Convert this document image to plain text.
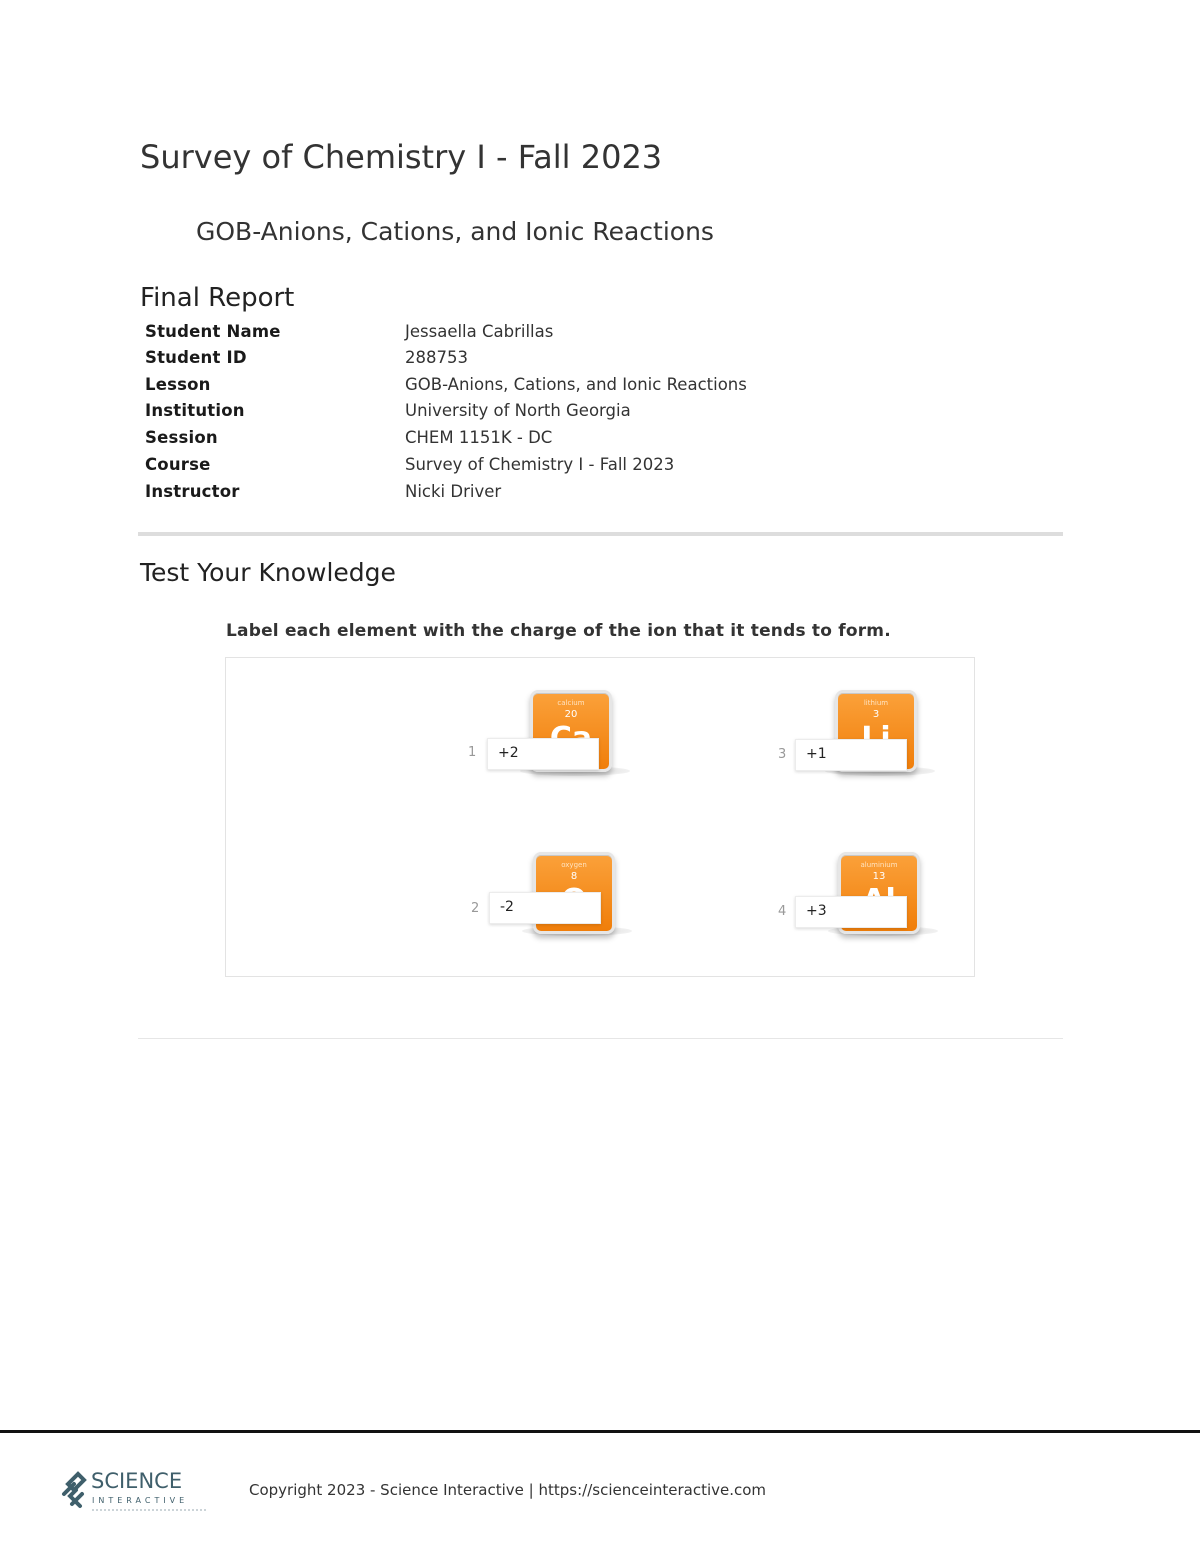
Survey of Chemistry I - Fall 2023
GOB-Anions, Cations, and Ionic Reactions
Final Report
Student Name	Jessaella Cabrillas
Student ID	288753
Lesson	GOB-Anions, Cations, and Ionic Reactions
Institution	University of North Georgia
Session	CHEM 1151K - DC
Course	Survey of Chemistry I - Fall 2023
Instructor	Nicki Driver
Test Your Knowledge
Label each element with the charge of the ion that it tends to form.
calcium
20
1	+2
oxygen
8
2	-2
lithium
3
3	+1
aluminium
13
4	+3
SCIENCE
INTERACTIVE
Copyright 2023 - Science Interactive | https://scienceinteractive.com
